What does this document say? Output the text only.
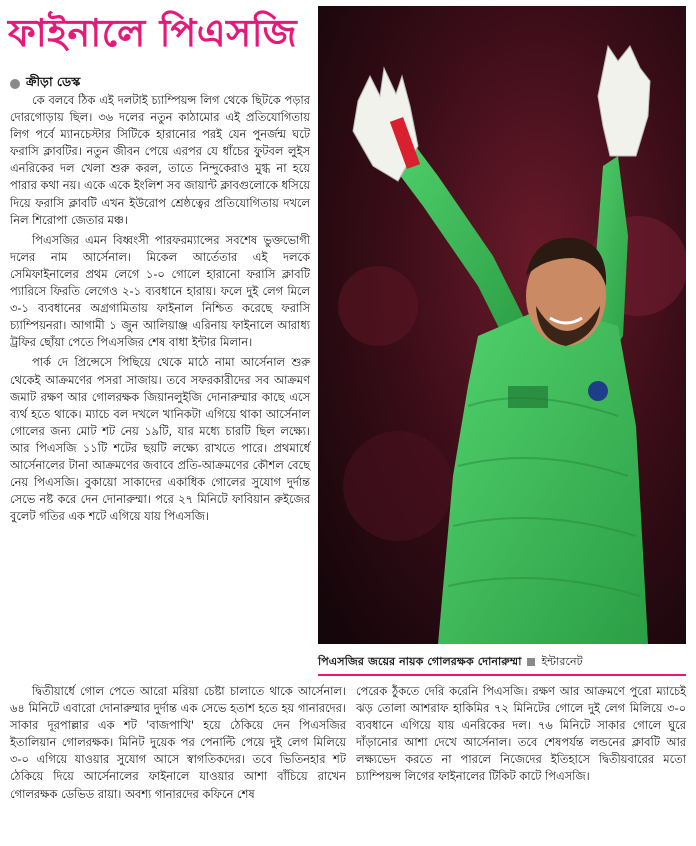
ফাইনালে পিএসজি
ক্রীড়া ডেস্ক

কে বলবে ঠিক এই দলটাই চ্যাম্পিয়ন্স লিগ থেকে ছিটকে পড়ার দোরগোড়ায় ছিল। ৩৬ দলের নতুন কাঠামোর এই প্রতিযোগিতায় লিগ পর্বে ম্যানচেস্টার সিটিকে হারানোর পরই যেন পুনর্জন্ম ঘটে ফরাসি ক্লাবটির। নতুন জীবন পেয়ে এরপর যে ধাঁচের ফুটবল লুইস এনরিকের দল খেলা শুরু করল, তাতে নিন্দুকেরাও মুগ্ধ না হয়ে পারার কথা নয়। একে একে ইংলিশ সব জায়ান্ট ক্লাবগুলোকে ধসিয়ে দিয়ে ফরাসি ক্লাবটি এখন ইউরোপ শ্রেষ্ঠত্বের প্রতিযোগিতায় দখলে নিল শিরোপা জেতার মঞ্চ।

পিএসজির এমন বিধ্বংসী পারফরম্যান্সের সবশেষ ভুক্তভোগী দলের নাম আর্সেনাল। মিকেল আর্তেতার এই দলকে সেমিফাইনালের প্রথম লেগে ১-০ গোলে হারানো ফরাসি ক্লাবটি প্যারিসে ফিরতি লেগেও ২-১ ব্যবধানে হারায়। ফলে দুই লেগ মিলে ৩-১ ব্যবধানের অগ্রগামিতায় ফাইনাল নিশ্চিত করেছে ফরাসি চ্যাম্পিয়নরা। আগামী ১ জুন আলিয়াঞ্জ এরিনায় ফাইনালে আরাধ্য ট্রফির ছোঁয়া পেতে পিএসজির শেষ বাধা ইন্টার মিলান।

পার্ক দে প্রিন্সেসে পিছিয়ে থেকে মাঠে নামা আর্সেনাল শুরু থেকেই আক্রমণের পসরা সাজায়। তবে সফরকারীদের সব আক্রমণ জমাট রক্ষণ আর গোলরক্ষক জিয়ানলুইজি দোনারুম্মার কাছে এসে ব্যর্থ হতে থাকে। ম্যাচে বল দখলে খানিকটা এগিয়ে থাকা আর্সেনাল গোলের জন্য মোট শট নেয় ১৯টি, যার মধ্যে চারটি ছিল লক্ষ্যে। আর পিএসজি ১১টি শটের ছয়টি লক্ষ্যে রাখতে পারে। প্রথমার্ধে আর্সেনালের টানা আক্রমণের জবাবে প্রতি-আক্রমণের কৌশল বেছে নেয় পিএসজি। বুকায়ো সাকাদের একাধিক গোলের সুযোগ দুর্দান্ত সেভে নষ্ট করে দেন দোনারুম্মা। পরে ২৭ মিনিটে ফাবিয়ান রুইজের বুলেট গতির এক শটে এগিয়ে যায় পিএসজি।

পিএসজির জয়ের নায়ক গোলরক্ষক দোনারুম্মা ইন্টারনেট

দ্বিতীয়ার্ধে গোল পেতে আরো মরিয়া চেষ্টা চালাতে থাকে আর্সেনাল। ৬৪ মিনিটে এবারো দোনারুম্মার দুর্দান্ত এক সেভে হতাশ হতে হয় গানারদের। সাকার দূরপাল্লার এক শট 'বাজপাখি' হয়ে ঠেকিয়ে দেন পিএসজির ইতালিয়ান গোলরক্ষক। মিনিট দুয়েক পর পেনাল্টি পেয়ে দুই লেগ মিলিয়ে ৩-০ এগিয়ে যাওয়ার সুযোগ আসে স্বাগতিকদের। তবে ভিতিনহার শট ঠেকিয়ে দিয়ে আর্সেনালের ফাইনালে যাওয়ার আশা বাঁচিয়ে রাখেন গোলরক্ষক ডেভিড রায়া। অবশ্য গানারদের কফিনে শেষ

পেরেক ঠুঁকতে দেরি করেনি পিএসজি। রক্ষণ আর আক্রমণে পুরো ম্যাচেই ঝড় তোলা আশরাফ হাকিমির ৭২ মিনিটের গোলে দুই লেগ মিলিয়ে ৩-০ ব্যবধানে এগিয়ে যায় এনরিকের দল। ৭৬ মিনিটে সাকার গোলে ঘুরে দাঁড়ানোর আশা দেখে আর্সেনাল। তবে শেষপর্যন্ত লন্ডনের ক্লাবটি আর লক্ষ্যভেদ করতে না পারলে নিজেদের ইতিহাসে দ্বিতীয়বারের মতো চ্যাম্পিয়ন্স লিগের ফাইনালের টিকিট কাটে পিএসজি।
